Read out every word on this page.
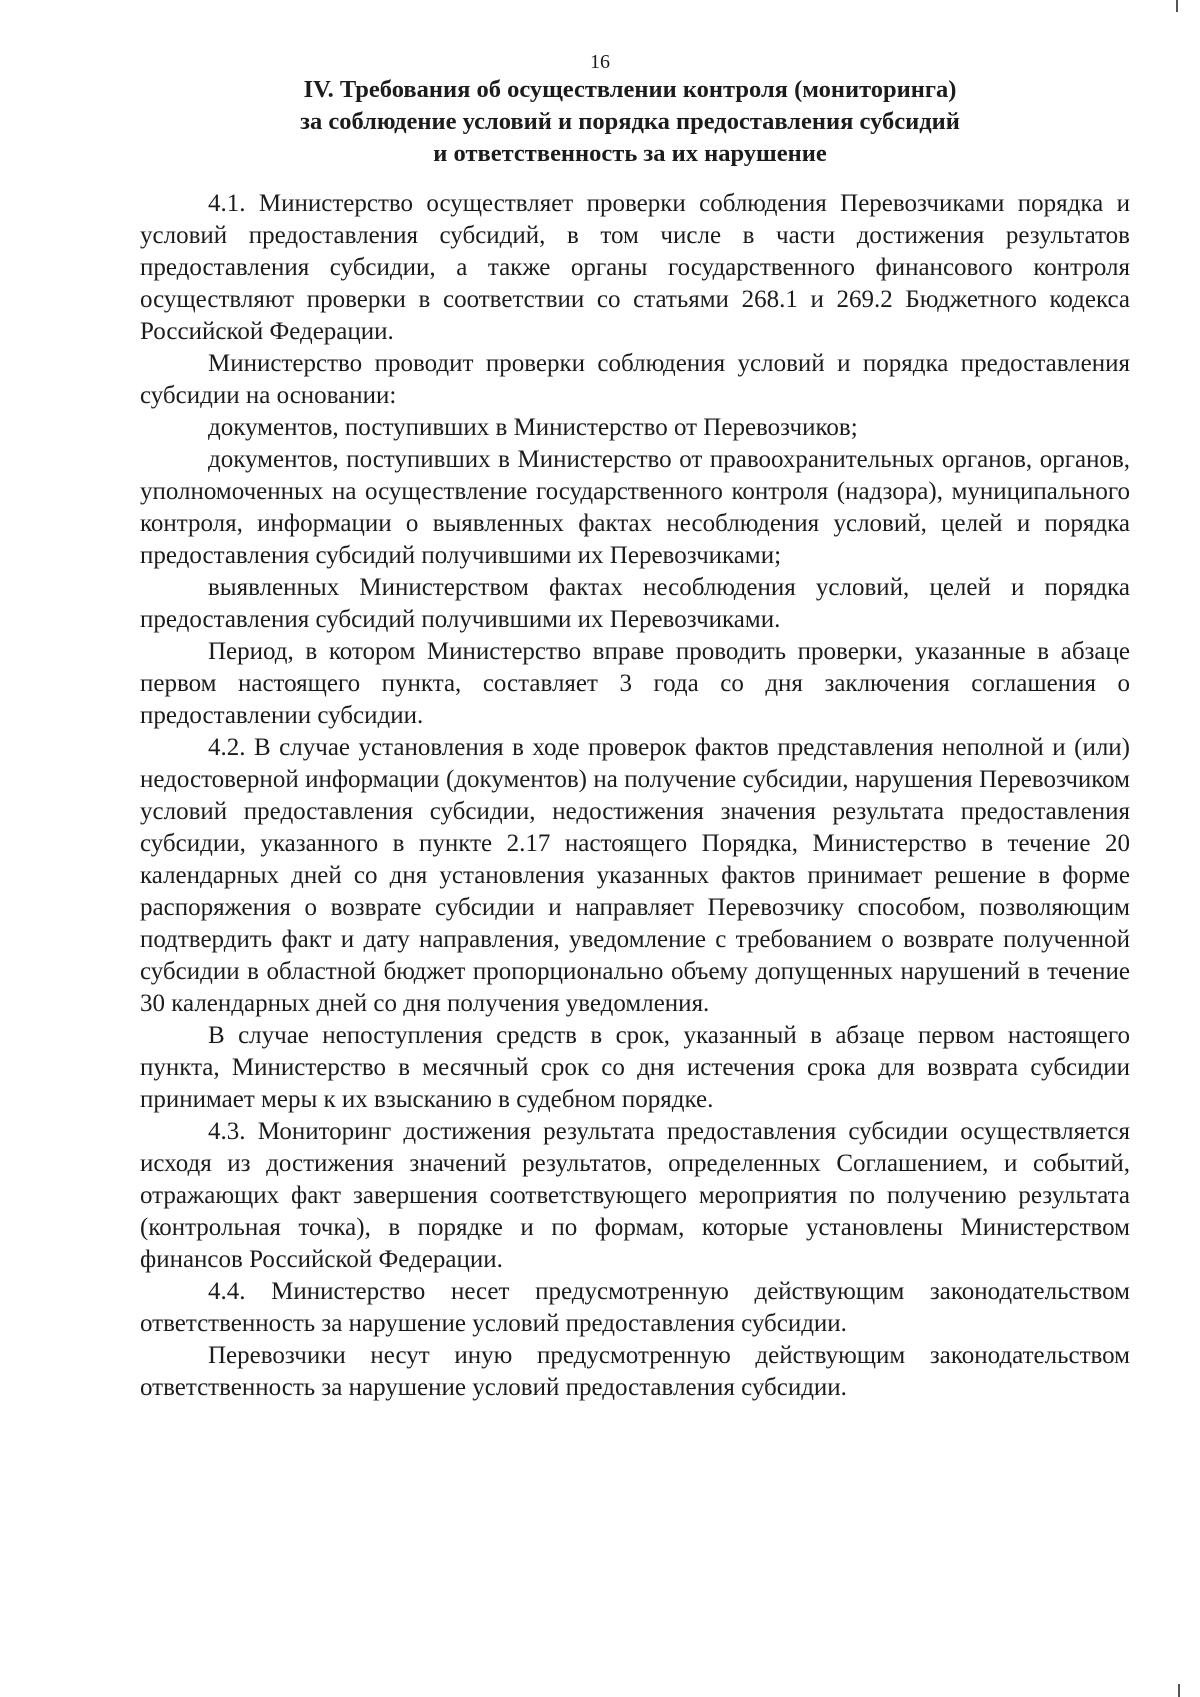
16
IV. Требования об осуществлении контроля (мониторинга)
за соблюдение условий и порядка предоставления субсидий
и ответственность за их нарушение

4.1. Министерство осуществляет проверки соблюдения Перевозчиками порядка и условий предоставления субсидий, в том числе в части достижения результатов предоставления субсидии, а также органы государственного финансового контроля осуществляют проверки в соответствии со статьями 268.1 и 269.2 Бюджетного кодекса Российской Федерации.

Министерство проводит проверки соблюдения условий и порядка предоставления субсидии на основании:

документов, поступивших в Министерство от Перевозчиков;

документов, поступивших в Министерство от правоохранительных органов, органов, уполномоченных на осуществление государственного контроля (надзора), муниципального контроля, информации о выявленных фактах несоблюдения условий, целей и порядка предоставления субсидий получившими их Перевозчиками;

выявленных Министерством фактах несоблюдения условий, целей и порядка предоставления субсидий получившими их Перевозчиками.

Период, в котором Министерство вправе проводить проверки, указанные в абзаце первом настоящего пункта, составляет 3 года со дня заключения соглашения о предоставлении субсидии.

4.2. В случае установления в ходе проверок фактов представления неполной и (или) недостоверной информации (документов) на получение субсидии, нарушения Перевозчиком условий предоставления субсидии, недостижения значения результата предоставления субсидии, указанного в пункте 2.17 настоящего Порядка, Министерство в течение 20 календарных дней со дня установления указанных фактов принимает решение в форме распоряжения о возврате субсидии и направляет Перевозчику способом, позволяющим подтвердить факт и дату направления, уведомление с требованием о возврате полученной субсидии в областной бюджет пропорционально объему допущенных нарушений в течение 30 календарных дней со дня получения уведомления.

В случае непоступления средств в срок, указанный в абзаце первом настоящего пункта, Министерство в месячный срок со дня истечения срока для возврата субсидии принимает меры к их взысканию в судебном порядке.

4.3. Мониторинг достижения результата предоставления субсидии осуществляется исходя из достижения значений результатов, определенных Соглашением, и событий, отражающих факт завершения соответствующего мероприятия по получению результата (контрольная точка), в порядке и по формам, которые установлены Министерством финансов Российской Федерации.

4.4. Министерство несет предусмотренную действующим законодательством ответственность за нарушение условий предоставления субсидии.

Перевозчики несут иную предусмотренную действующим законодательством ответственность за нарушение условий предоставления субсидии.
